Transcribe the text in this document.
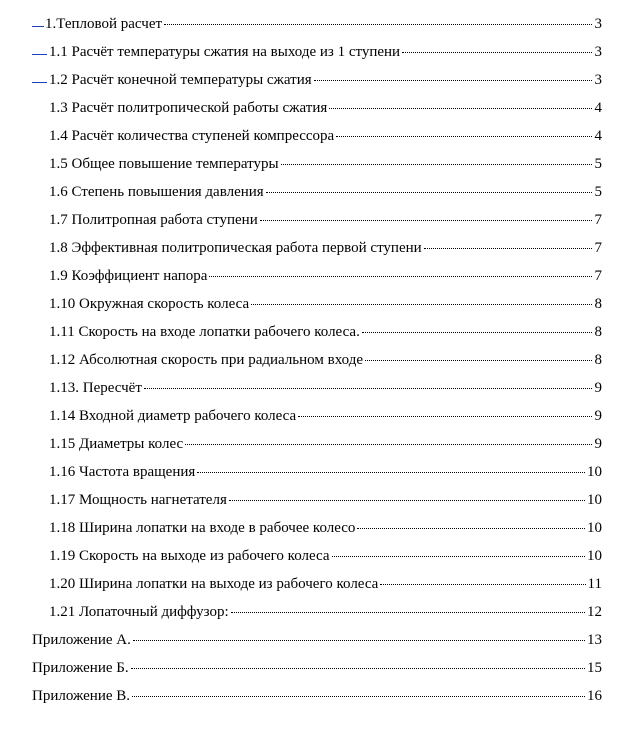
1.Тепловой расчет	3
1.1 Расчёт температуры сжатия на выходе из 1 ступени	3
1.2 Расчёт конечной температуры сжатия	3
1.3 Расчёт политропической работы сжатия	4
1.4 Расчёт количества ступеней компрессора	4
1.5 Общее повышение температуры	5
1.6 Степень повышения давления	5
1.7 Политропная работа ступени	7
1.8 Эффективная политропическая работа первой ступени	7
1.9 Коэффициент напора	7
1.10 Окружная скорость колеса	8
1.11 Скорость на входе лопатки рабочего колеса.	8
1.12 Абсолютная скорость при радиальном входе	8
1.13. Пересчёт	9
1.14 Входной диаметр рабочего колеса	9
1.15 Диаметры колес	9
1.16 Частота вращения	10
1.17 Мощность нагнетателя	10
1.18 Ширина лопатки на входе в рабочее колесо	10
1.19 Скорость на выходе из рабочего колеса	10
1.20 Ширина лопатки на выходе из рабочего колеса	11
1.21 Лопаточный диффузор:	12
Приложение А.	13
Приложение Б.	15
Приложение В.	16
